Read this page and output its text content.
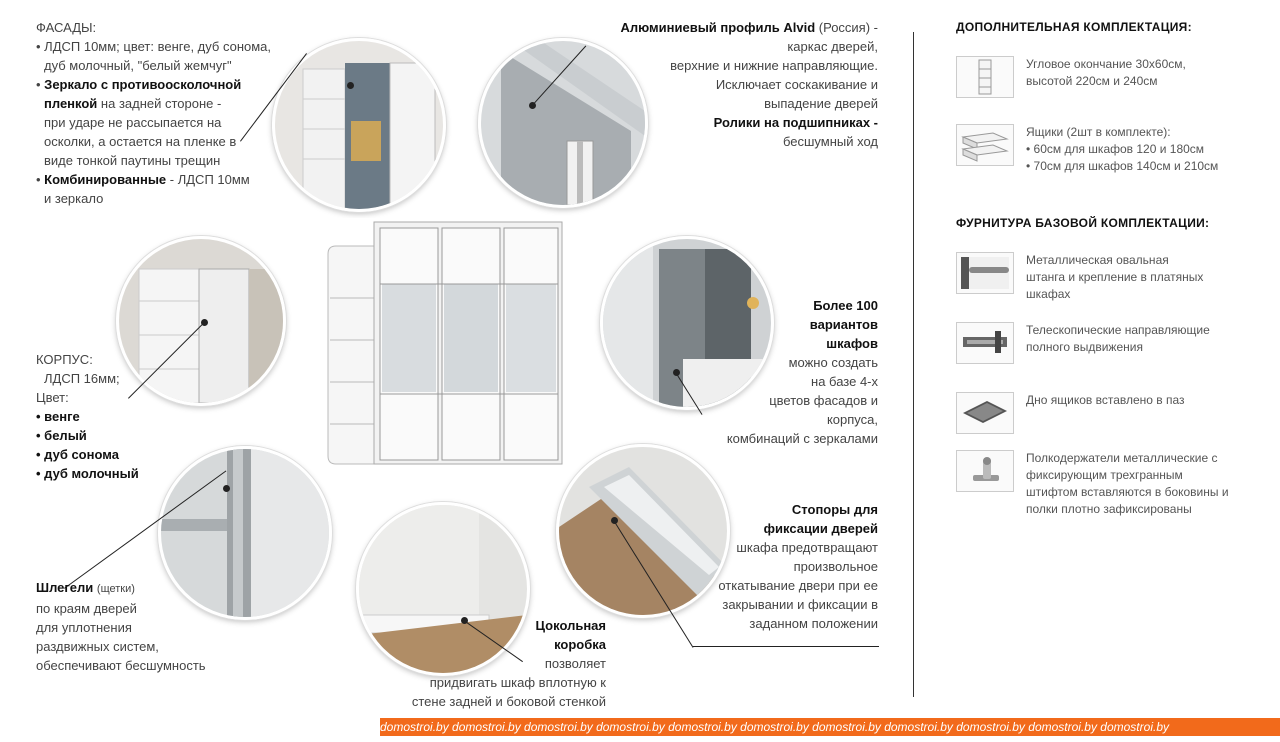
ФАСАДЫ:
• ЛДСП 10мм; цвет: венге, дуб сонома,
дуб молочный, "белый жемчуг"
• Зеркало с противоосколочной
пленкой на задней стороне -
при ударе не рассыпается на
осколки, а остается на пленке в
виде тонкой паутины трещин
• Комбинированные - ЛДСП 10мм
и зеркало
Алюминиевый профиль Alvid (Россия) -
каркас дверей,
верхние и нижние направляющие.
Исключает соскакивание и
выпадение дверей
Ролики на подшипниках -
бесшумный ход
КОРПУС:
ЛДСП 16мм;
Цвет:
• венге
• белый
• дуб сонома
• дуб молочный
Более 100
вариантов
шкафов
можно создать
на базе 4-х
цветов фасадов и
корпуса,
комбинаций с зеркалами
Шлегели (щетки)
по краям дверей
для уплотнения
раздвижных систем,
обеспечивают бесшумность
Цокольная
коробка
позволяет
придвигать шкаф вплотную к
стене задней и боковой стенкой
Стопоры для
фиксации дверей
шкафа предотвращают
произвольное
откатывание двери при ее
закрывании и фиксации в
заданном положении
ДОПОЛНИТЕЛЬНАЯ КОМПЛЕКТАЦИЯ:
Угловое окончание 30х60см,
высотой 220см и 240см
Ящики (2шт в комплекте):
• 60см для шкафов 120 и 180см
• 70см для шкафов 140см и 210см
ФУРНИТУРА БАЗОВОЙ КОМПЛЕКТАЦИИ:
Металлическая овальная
штанга и крепление в платяных
шкафах
Телескопические направляющие
полного выдвижения
Дно ящиков вставлено в паз
Полкодержатели металлические с
фиксирующим трехгранным
штифтом вставляются в боковины и
полки плотно зафиксированы
domostroi.by domostroi.by domostroi.by domostroi.by domostroi.by domostroi.by domostroi.by domostroi.by domostroi.by domostroi.by domostroi.by
